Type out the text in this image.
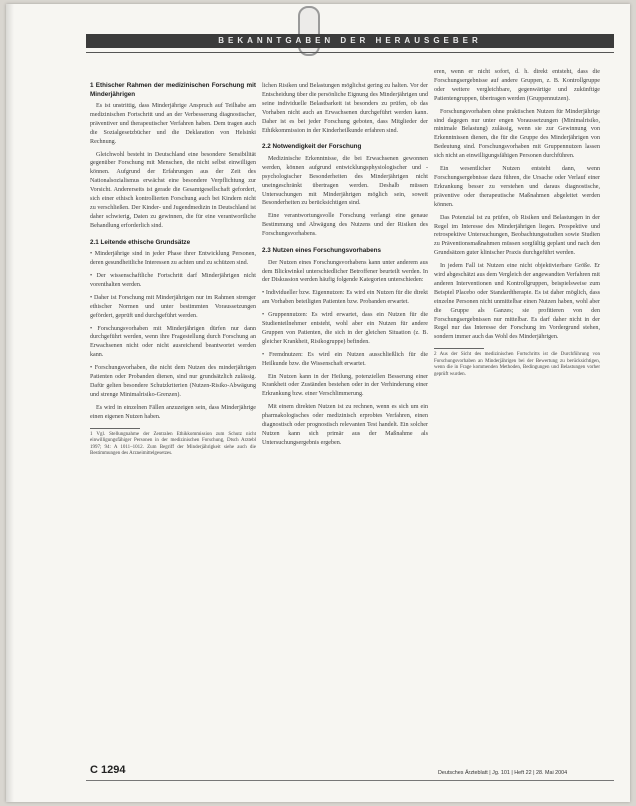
BEKANNTGABEN DER HERAUSGEBER
1 Ethischer Rahmen der medizinischen Forschung mit Minderjährigen

Es ist unstrittig, dass Minderjährige Anspruch auf Teilhabe am medizinischen Fortschritt und an der Verbesserung diagnostischer, präventiver und therapeutischer Verfahren haben. Dem tragen auch die Sozialgesetzbücher und die Deklaration von Helsinki Rechnung.

Gleichwohl besteht in Deutschland eine besondere Sensibilität gegenüber Forschung mit Menschen, die nicht selbst einwilligen können. Aufgrund der Erfahrungen aus der Zeit des Nationalsozialismus erwächst eine besondere Verpflichtung zur Vorsicht. Andererseits ist gerade die Gesamtgesellschaft gefordert, sich einer ethisch kontrollierten Forschung auch bei Kindern nicht zu verschließen. Der Kinder- und Jugendmedizin in Deutschland ist daher schwierig, Daten zu gewinnen, die für eine verantwortliche Behandlung erforderlich sind.

2.1 Leitende ethische Grundsätze

• Minderjährige sind in jeder Phase ihrer Entwicklung Personen, deren gesundheitliche Interessen zu achten und zu schützen sind.

• Der wissenschaftliche Fortschritt darf Minderjährigen nicht vorenthalten werden.

• Daher ist Forschung mit Minderjährigen nur im Rahmen strenger ethischer Normen und unter bestimmten Voraussetzungen gefördert, geprüft und durchgeführt werden.

• Forschungsvorhaben mit Minderjährigen dürfen nur dann durchgeführt werden, wenn ihre Fragestellung durch Forschung an Erwachsenen nicht oder nicht ausreichend beantwortet werden kann.

• Forschungsvorhaben, die nicht dem Nutzen des minderjährigen Patienten oder Probanden dienen, sind nur grundsätzlich zulässig. Dafür gelten besondere Schutzkriterien (Nutzen-Risiko-Abwägung und strenge Minimalrisiko-Grenzen).

Es wird in einzelnen Fällen anzuzeigen sein, dass Minderjährige einen eigenen Nutzen haben.

1 Vgl. Stellungnahme der Zentralen Ethikkommission zum Schutz nicht einwilligungsfähiger Personen in der medizinischen Forschung, Dtsch Arztebl 1997; 94: A 1011–1012. Zum Begriff der Minderjährigkeit siehe auch die Bestimmungen des Arzneimittelgesetzes.

lichen Risiken und Belastungen möglichst gering zu halten. Vor der Entscheidung über die persönliche Eignung des Minderjährigen und seine individuelle Belastbarkeit ist besonders zu prüfen, ob das Vorhaben nicht auch an Erwachsenen durchgeführt werden kann. Daher ist es bei jeder Forschung geboten, dass Mitglieder der Ethikkommission in der Kinderheilkunde erfahren sind.

2.2 Notwendigkeit der Forschung

Medizinische Erkenntnisse, die bei Erwachsenen gewonnen werden, können aufgrund entwicklungsphysiologischer und -psychologischer Besonderheiten des Minderjährigen nicht uneingeschränkt übertragen werden. Deshalb müssen Untersuchungen mit Minderjährigen möglich sein, soweit Besonderheiten zu berücksichtigen sind.

Eine verantwortungsvolle Forschung verlangt eine genaue Bestimmung und Abwägung des Nutzens und der Risiken des Forschungsvorhabens.

2.3 Nutzen eines Forschungsvorhabens

Der Nutzen eines Forschungsvorhabens kann unter anderem aus dem Blickwinkel unterschiedlicher Betroffener beurteilt werden. In der Diskussion werden häufig folgende Kategorien unterschieden:

• Individueller bzw. Eigennutzen: Es wird ein Nutzen für die direkt am Vorhaben beteiligten Patienten bzw. Probanden erwartet.

• Gruppennutzen: Es wird erwartet, dass ein Nutzen für die Studienteilnehmer entsteht, wohl aber ein Nutzen für andere Gruppen von Patienten, die sich in der gleichen Situation (z. B. gleicher Krankheit, Risikogruppe) befinden.

• Fremdnutzen: Es wird ein Nutzen ausschließlich für die Heilkunde bzw. die Wissenschaft erwartet.

Ein Nutzen kann in der Heilung, potenziellen Besserung einer Krankheit oder Zuständen bestehen oder in der Verhinderung einer Erkrankung bzw. einer Verschlimmerung.

Mit einem direkten Nutzen ist zu rechnen, wenn es sich um ein pharmakologisches oder medizinisch erprobtes Verfahren, einen diagnostisch oder prognostisch relevanten Test handelt. Ein solcher Nutzen kann sich primär aus der Maßnahme als Untersuchungsergebnis ergeben.

eren, wenn er nicht sofort, d. h. direkt entsteht, dass die Forschungsergebnisse auf andere Gruppen, z. B. Kontrollgruppe oder weitere vergleichbare, gegenwärtige und zukünftige Patientengruppen, übertragen werden (Gruppennutzen).

Forschungsvorhaben ohne praktischen Nutzen für Minderjährige sind dagegen nur unter engen Voraussetzungen (Minimalrisiko, minimale Belastung) zulässig, wenn sie zur Gewinnung von Erkenntnissen dienen, die für die Gruppe des Minderjährigen von Bedeutung sind. Forschungsvorhaben mit Gruppennutzen lassen sich nicht an einwilligungsfähigen Personen durchführen.

Ein wesentlicher Nutzen entsteht dann, wenn Forschungsergebnisse dazu führen, die Ursache oder Verlauf einer Erkrankung besser zu verstehen und daraus diagnostische, präventive oder therapeutische Maßnahmen abgeleitet werden können.

Das Potenzial ist zu prüfen, ob Risiken und Belastungen in der Regel im Interesse des Minderjährigen liegen. Prospektive und retrospektive Untersuchungen, Beobachtungsstudien sowie Studien zu Präventionsmaßnahmen müssen sorgfältig geplant und nach den Grundsätzen guter klinischer Praxis durchgeführt werden.

In jedem Fall ist Nutzen eine nicht objektivierbare Größe. Er wird abgeschätzt aus dem Vergleich der angewandten Verfahren mit anderen Interventionen und Kontrollgruppen, beispielsweise zum Beispiel Placebo oder Standardtherapie. Es ist daher möglich, dass einzelne Personen nicht unmittelbar einen Nutzen haben, wohl aber die Gruppe als Ganzes; sie profitieren von den Forschungsergebnissen nur mittelbar. Es darf daher nicht in der Regel nur das Interesse der Forschung im Vordergrund stehen, sondern immer auch das Wohl des Minderjährigen.

2 Aus der Sicht des medizinischen Fortschritts ist die Durchführung von Forschungsvorhaben an Minderjährigen bei der Bewertung zu berücksichtigen, wenn die in Frage kommenden Methoden, Bedingungen und Belastungen vorher geprüft wurden.
C 1294	Deutsches Ärzteblatt | Jg. 101 | Heft 22 | 28. Mai 2004
